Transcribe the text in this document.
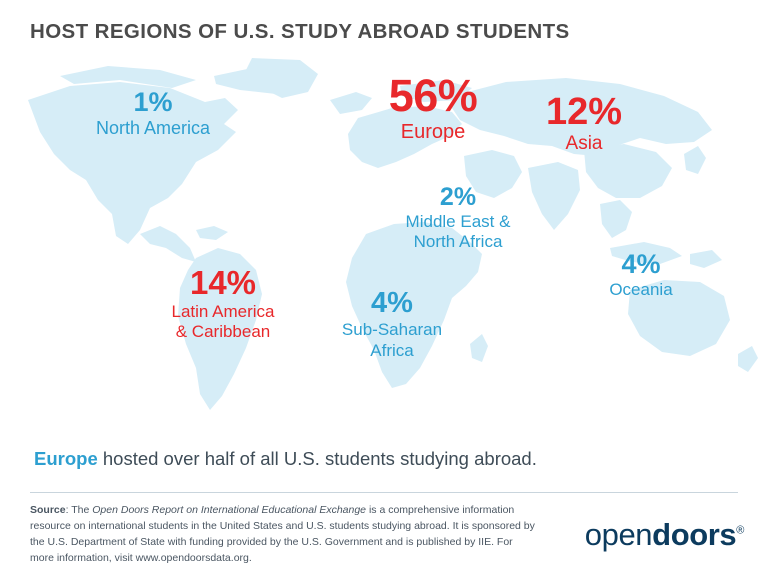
HOST REGIONS OF U.S. STUDY ABROAD STUDENTS
1%
North America
56%
Europe	12%
Asia
2%
Middle East &
North Africa
4%
Oceania
14%
Latin America
& Caribbean
4%
Sub-Saharan
Africa
Europe hosted over half of all U.S. students studying abroad.
Source: The Open Doors Report on International Educational Exchange is a comprehensive information resource on international students in the United States and U.S. students studying abroad. It is sponsored by the U.S. Department of State with funding provided by the U.S. Government and is published by IIE. For more information, visit www.opendoorsdata.org.
opendoors®
